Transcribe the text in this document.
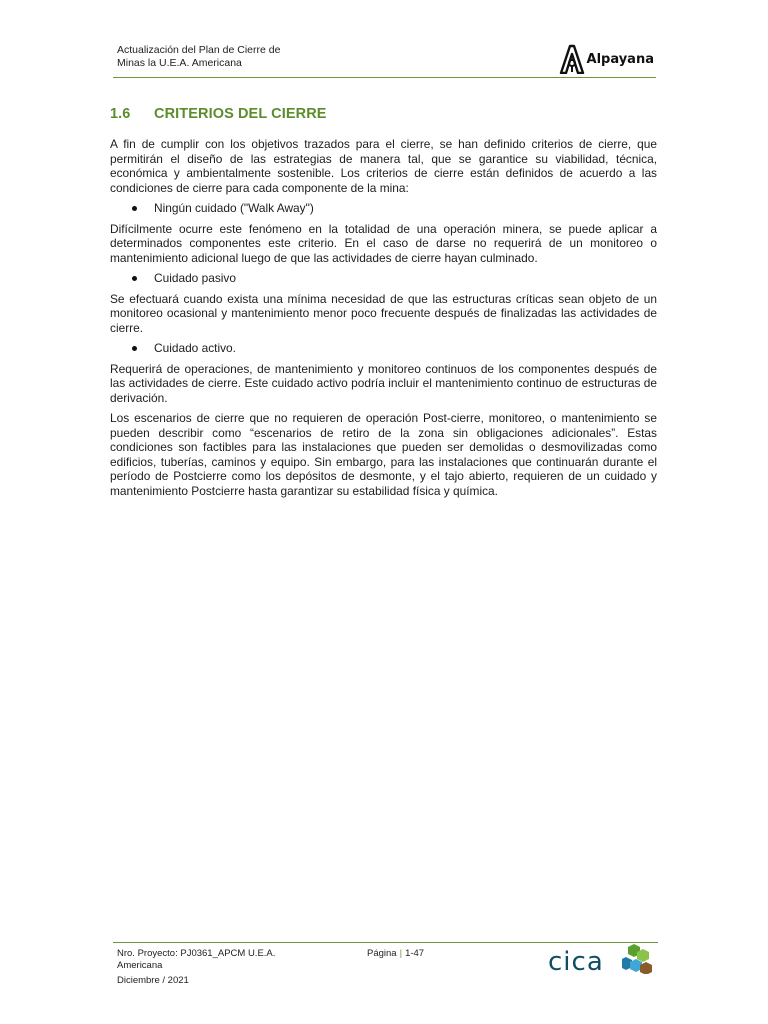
Actualización del Plan de Cierre de
Minas la U.E.A. Americana	Alpayana
1.6 CRITERIOS DEL CIERRE

A fin de cumplir con los objetivos trazados para el cierre, se han definido criterios de cierre, que permitirán el diseño de las estrategias de manera tal, que se garantice su viabilidad, técnica, económica y ambientalmente sostenible. Los criterios de cierre están definidos de acuerdo a las condiciones de cierre para cada componente de la mina:

Ningún cuidado ("Walk Away")

Difícilmente ocurre este fenómeno en la totalidad de una operación minera, se puede aplicar a determinados componentes este criterio. En el caso de darse no requerirá de un monitoreo o mantenimiento adicional luego de que las actividades de cierre hayan culminado.

Cuidado pasivo

Se efectuará cuando exista una mínima necesidad de que las estructuras críticas sean objeto de un monitoreo ocasional y mantenimiento menor poco frecuente después de finalizadas las actividades de cierre.

Cuidado activo.

Requerirá de operaciones, de mantenimiento y monitoreo continuos de los componentes después de las actividades de cierre. Este cuidado activo podría incluir el mantenimiento continuo de estructuras de derivación.

Los escenarios de cierre que no requieren de operación Post-cierre, monitoreo, o mantenimiento se pueden describir como “escenarios de retiro de la zona sin obligaciones adicionales”. Estas condiciones son factibles para las instalaciones que pueden ser demolidas o desmovilizadas como edificios, tuberías, caminos y equipo. Sin embargo, para las instalaciones que continuarán durante el período de Postcierre como los depósitos de desmonte, y el tajo abierto, requieren de un cuidado y mantenimiento Postcierre hasta garantizar su estabilidad física y química.

Nro. Proyecto: PJ0361_APCM U.E.A.
Americana
Diciembre / 2021
Página | 1-47	cica
